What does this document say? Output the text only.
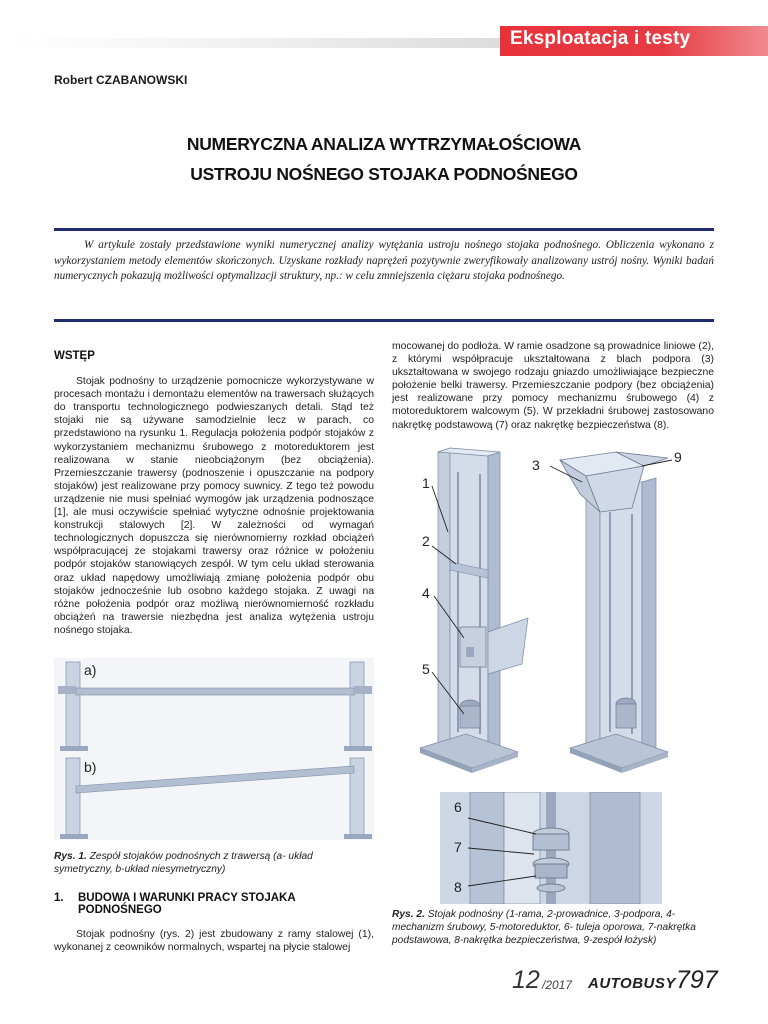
Eksploatacja i testy
Robert CZABANOWSKI
NUMERYCZNA ANALIZA WYTRZYMAŁOŚCIOWA
USTROJU NOŚNEGO STOJAKA PODNOŚNEGO
W artykule zostały przedstawione wyniki numerycznej analizy wytężania ustroju nośnego stojaka podnośnego. Obliczenia wykonano z wykorzystaniem metody elementów skończonych. Uzyskane rozkłady naprężeń pozytywnie zweryfikowały analizowany ustrój nośny. Wyniki badań numerycznych pokazują możliwości optymalizacji struktury, np.: w celu zmniejszenia ciężaru stojaka podnośnego.
WSTĘP

Stojak podnośny to urządzenie pomocnicze wykorzystywane w procesach montażu i demontażu elementów na trawersach służących do transportu technologicznego podwieszanych detali. Stąd też stojaki nie są używane samodzielnie lecz w parach, co przedstawiono na rysunku 1. Regulacja położenia podpór stojaków z wykorzystaniem mechanizmu śrubowego z motoreduktorem jest realizowana w stanie nieobciążonym (bez obciążenia). Przemieszczanie trawersy (podnoszenie i opuszczanie na podpory stojaków) jest realizowane przy pomocy suwnicy. Z tego też powodu urządzenie nie musi spełniać wymogów jak urządzenia podnoszące [1], ale musi oczywiście spełniać wytyczne odnośnie projektowania konstrukcji stalowych [2]. W zależności od wymagań technologicznych dopuszcza się nierównomierny rozkład obciążeń współpracującej ze stojakami trawersy oraz różnice w położeniu podpór stojaków stanowiących zespół. W tym celu układ sterowania oraz układ napędowy umożliwiają zmianę położenia podpór obu stojaków jednocześnie lub osobno każdego stojaka. Z uwagi na różne położenia podpór oraz możliwą nierównomierność rozkładu obciążeń na trawersie niezbędna jest analiza wytężenia ustroju nośnego stojaka.

a)
b)
Rys. 1. Zespół stojaków podnośnych z trawersą (a- układ symetryczny, b-układ niesymetryczny)
1.	BUDOWA I WARUNKI PRACY STOJAKA
PODNOŚNEGO

Stojak podnośny (rys. 2) jest zbudowany z ramy stalowej (1), wykonanej z ceowników normalnych, wspartej na płycie stalowej

mocowanej do podłoża. W ramie osadzone są prowadnice liniowe (2), z którymi współpracuje ukształtowana z blach podpora (3) ukształtowana w swojego rodzaju gniazdo umożliwiające bezpieczne położenie belki trawersy. Przemieszczanie podpory (bez obciążenia) jest realizowane przy pomocy mechanizmu śrubowego (4) z motoreduktorem walcowym (5). W przekładni śrubowej zastosowano nakrętkę podstawową (7) oraz nakrętkę bezpieczeństwa (8).

1
2
3
4
5
9
6
7
8
Rys. 2. Stojak podnośny (1-rama, 2-prowadnice, 3-podpora, 4-mechanizm śrubowy, 5-motoreduktor, 6- tuleja oporowa, 7-nakrętka podstawowa, 8-nakrętka bezpieczeństwa, 9-zespół łożysk)
12 /2017 AUTOBUSY 797
